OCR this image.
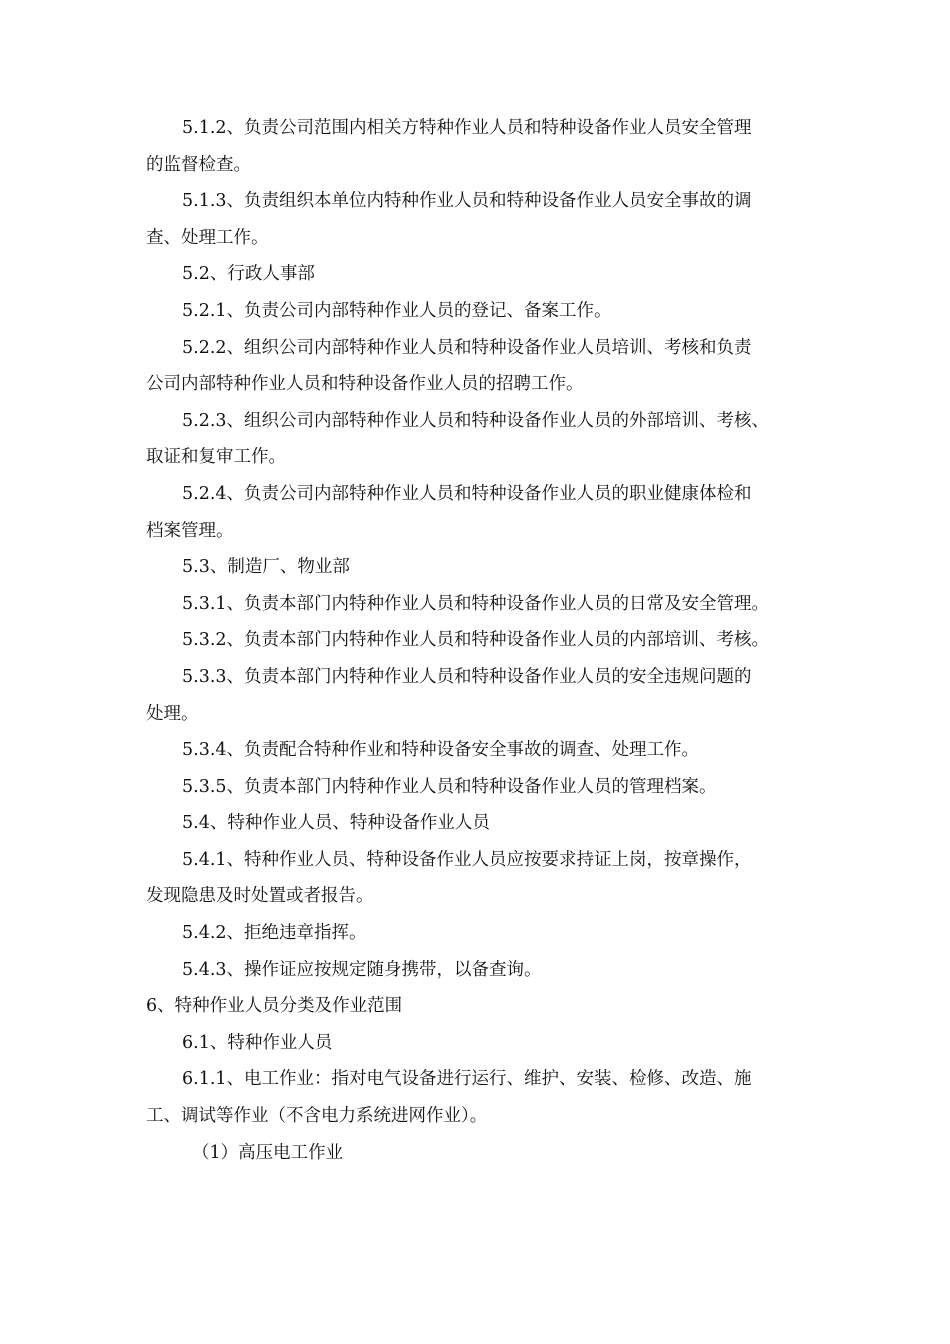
5.1.2、负责公司范围内相关方特种作业人员和特种设备作业人员安全管理
的监督检查。
5.1.3、负责组织本单位内特种作业人员和特种设备作业人员安全事故的调
查、处理工作。
5.2、行政人事部
5.2.1、负责公司内部特种作业人员的登记、备案工作。
5.2.2、组织公司内部特种作业人员和特种设备作业人员培训、考核和负责
公司内部特种作业人员和特种设备作业人员的招聘工作。
5.2.3、组织公司内部特种作业人员和特种设备作业人员的外部培训、考核、
取证和复审工作。
5.2.4、负责公司内部特种作业人员和特种设备作业人员的职业健康体检和
档案管理。
5.3、制造厂、物业部
5.3.1、负责本部门内特种作业人员和特种设备作业人员的日常及安全管理。
5.3.2、负责本部门内特种作业人员和特种设备作业人员的内部培训、考核。
5.3.3、负责本部门内特种作业人员和特种设备作业人员的安全违规问题的
处理。
5.3.4、负责配合特种作业和特种设备安全事故的调查、处理工作。
5.3.5、负责本部门内特种作业人员和特种设备作业人员的管理档案。
5.4、特种作业人员、特种设备作业人员
5.4.1、特种作业人员、特种设备作业人员应按要求持证上岗，按章操作，
发现隐患及时处置或者报告。
5.4.2、拒绝违章指挥。
5.4.3、操作证应按规定随身携带，以备查询。
6、特种作业人员分类及作业范围
6.1、特种作业人员
6.1.1、电工作业：指对电气设备进行运行、维护、安装、检修、改造、施
工、调试等作业（不含电力系统进网作业）。
（1）高压电工作业
